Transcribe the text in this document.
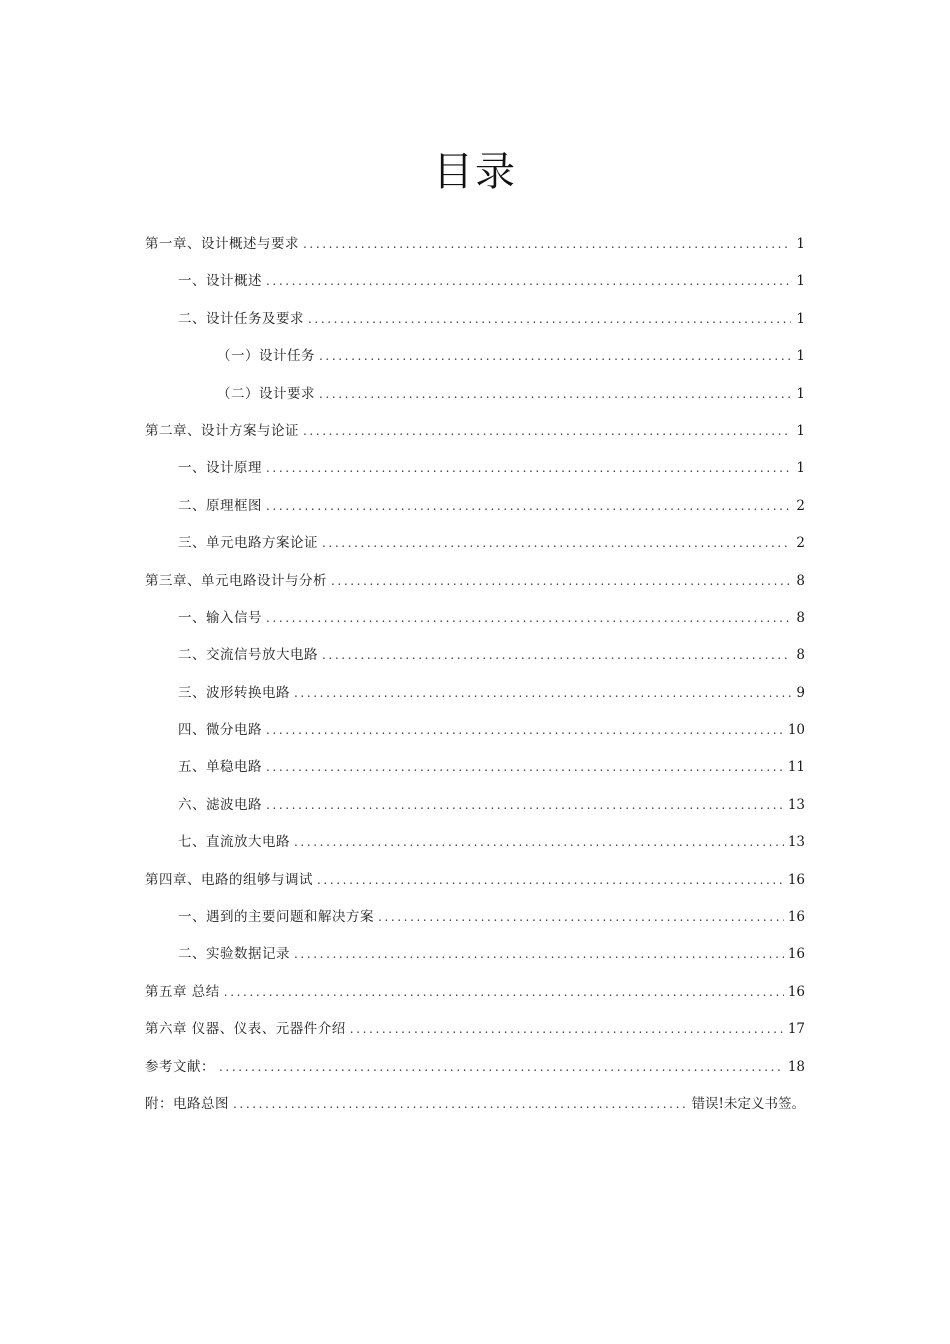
目录
第一章、设计概述与要求 .....	1
一、设计概述 .....	1
二、设计任务及要求 .....	1
（一）设计任务 .....	1
（二）设计要求 .....	1
第二章、设计方案与论证 .....	1
一、设计原理 .....	1
二、原理框图 .....	2
三、单元电路方案论证 .....	2
第三章、单元电路设计与分析 .....	8
一、输入信号 .....	8
二、交流信号放大电路 .....	8
三、波形转换电路 .....	9
四、微分电路 .....	10
五、单稳电路 .....	11
六、滤波电路 .....	13
七、直流放大电路 .....	13
第四章、电路的组够与调试 .....	16
一、遇到的主要问题和解决方案 .....	16
二、实验数据记录 .....	16
第五章 总结 .....	16
第六章 仪器、仪表、元器件介绍 .....	17
参考文献： .....	18
附：电路总图 .....	错误!未定义书签。
